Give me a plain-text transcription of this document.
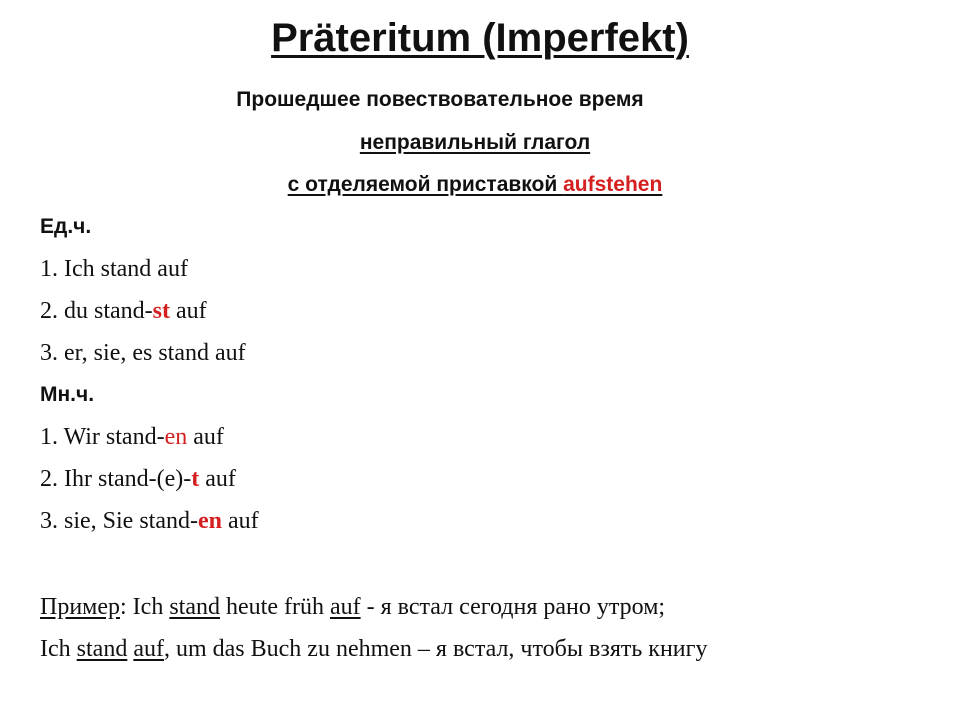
Präteritum (Imperfekt)
Прошедшее повествовательное время
неправильный глагол
с отделяемой приставкой aufstehen
Ед.ч.
1. Ich stand auf
2. du stand-st auf
3. er, sie, es stand auf
Мн.ч.
1. Wir stand-en auf
2. Ihr stand-(e)-t auf
3. sie, Sie stand-en auf
Пример: Ich stand heute früh auf - я встал сегодня рано утром;
Ich stand auf, um das Buch zu nehmen – я встал, чтобы взять книгу
